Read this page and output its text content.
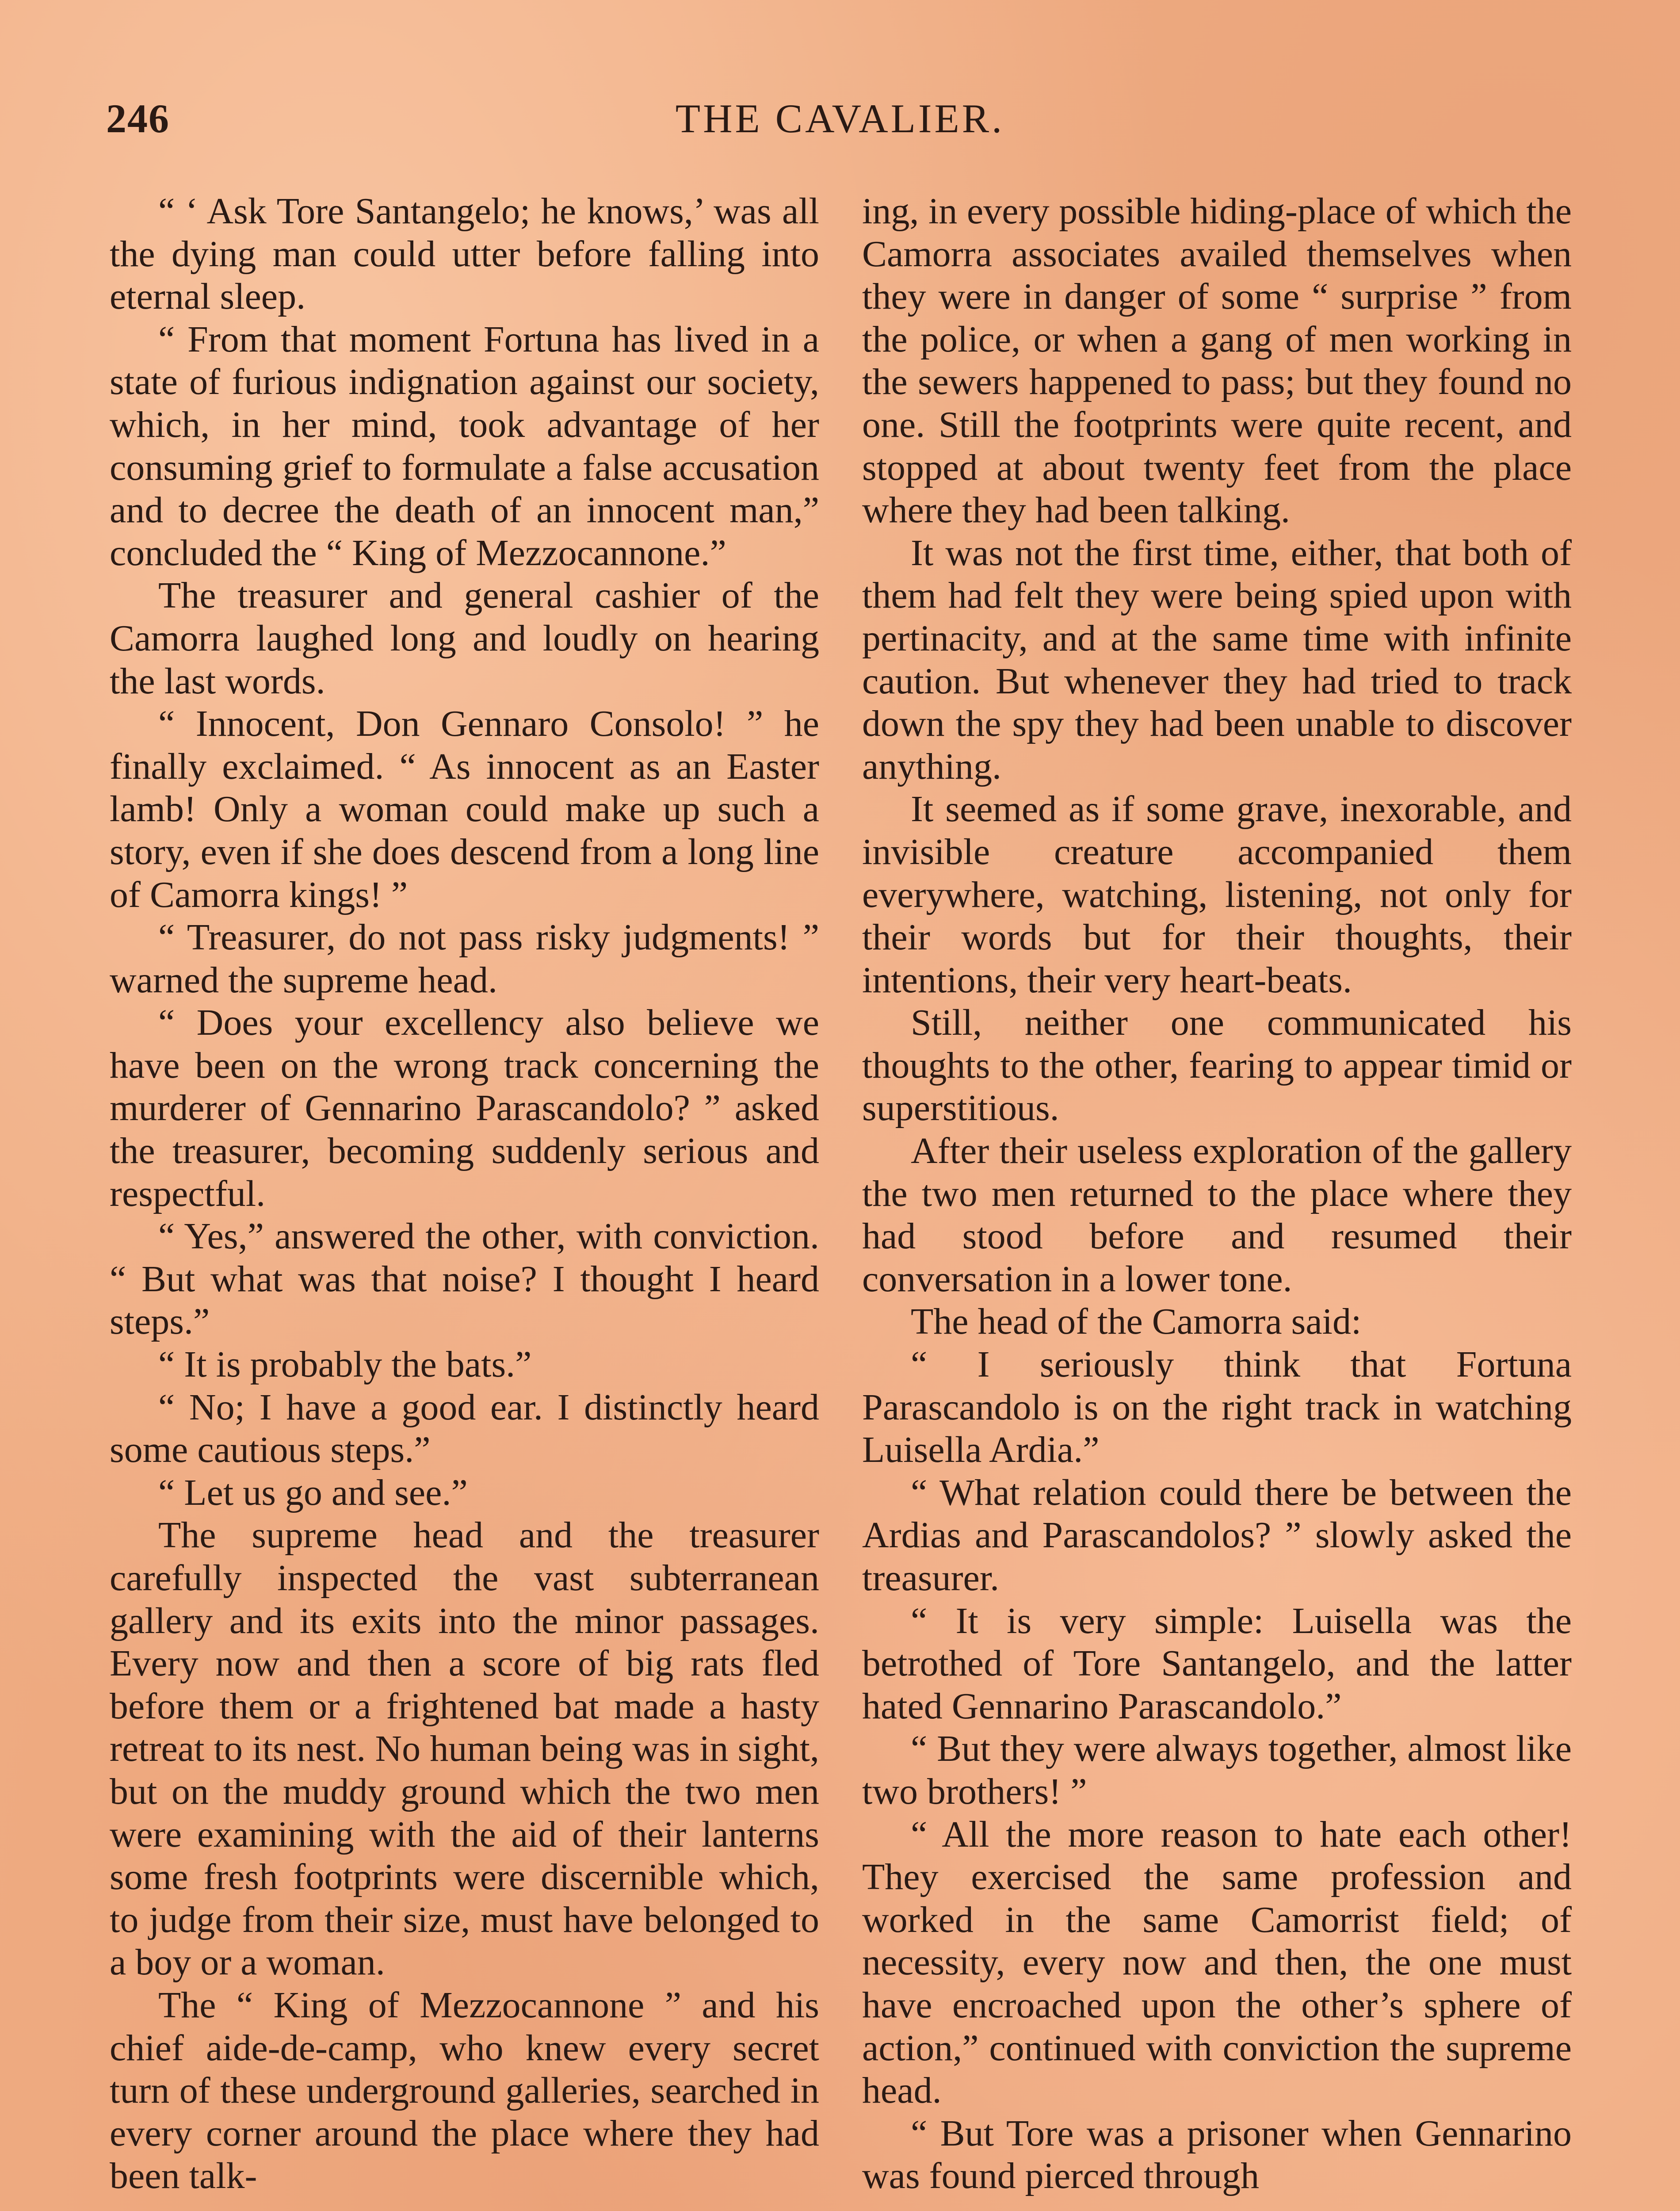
246	THE CAVALIER.

“ ‘ Ask Tore Santangelo; he knows,’ was all the dying man could utter before falling into eternal sleep.

“ From that moment Fortuna has lived in a state of furious indignation against our society, which, in her mind, took advantage of her consuming grief to formulate a false accusation and to decree the death of an innocent man,” concluded the “ King of Mezzocannone.”

The treasurer and general cashier of the Camorra laughed long and loudly on hearing the last words.

“ Innocent, Don Gennaro Consolo! ” he finally exclaimed. “ As innocent as an Easter lamb! Only a woman could make up such a story, even if she does descend from a long line of Camorra kings! ”

“ Treasurer, do not pass risky judgments! ” warned the supreme head.

“ Does your excellency also believe we have been on the wrong track concerning the murderer of Gennarino Parascandolo? ” asked the treasurer, becoming suddenly serious and respectful.

“ Yes,” answered the other, with conviction. “ But what was that noise? I thought I heard steps.”

“ It is probably the bats.”

“ No; I have a good ear. I distinctly heard some cautious steps.”

“ Let us go and see.”

The supreme head and the treasurer carefully inspected the vast subterranean gallery and its exits into the minor passages. Every now and then a score of big rats fled before them or a frightened bat made a hasty retreat to its nest. No human being was in sight, but on the muddy ground which the two men were examining with the aid of their lanterns some fresh footprints were discernible which, to judge from their size, must have belonged to a boy or a woman.

The “ King of Mezzocannone ” and his chief aide-de-camp, who knew every secret turn of these underground galleries, searched in every corner around the place where they had been talk-

ing, in every possible hiding-place of which the Camorra associates availed themselves when they were in danger of some “ surprise ” from the police, or when a gang of men working in the sewers happened to pass; but they found no one. Still the footprints were quite recent, and stopped at about twenty feet from the place where they had been talking.

It was not the first time, either, that both of them had felt they were being spied upon with pertinacity, and at the same time with infinite caution. But whenever they had tried to track down the spy they had been unable to discover anything.

It seemed as if some grave, inexorable, and invisible creature accompanied them everywhere, watching, listening, not only for their words but for their thoughts, their intentions, their very heart-beats.

Still, neither one communicated his thoughts to the other, fearing to appear timid or superstitious.

After their useless exploration of the gallery the two men returned to the place where they had stood before and resumed their conversation in a lower tone.

The head of the Camorra said:

“ I seriously think that Fortuna Parascandolo is on the right track in watching Luisella Ardia.”

“ What relation could there be between the Ardias and Parascandolos? ” slowly asked the treasurer.

“ It is very simple: Luisella was the betrothed of Tore Santangelo, and the latter hated Gennarino Parascandolo.”

“ But they were always together, almost like two brothers! ”

“ All the more reason to hate each other! They exercised the same profession and worked in the same Camorrist field; of necessity, every now and then, the one must have encroached upon the other’s sphere of action,” continued with conviction the supreme head.

“ But Tore was a prisoner when Gennarino was found pierced through
